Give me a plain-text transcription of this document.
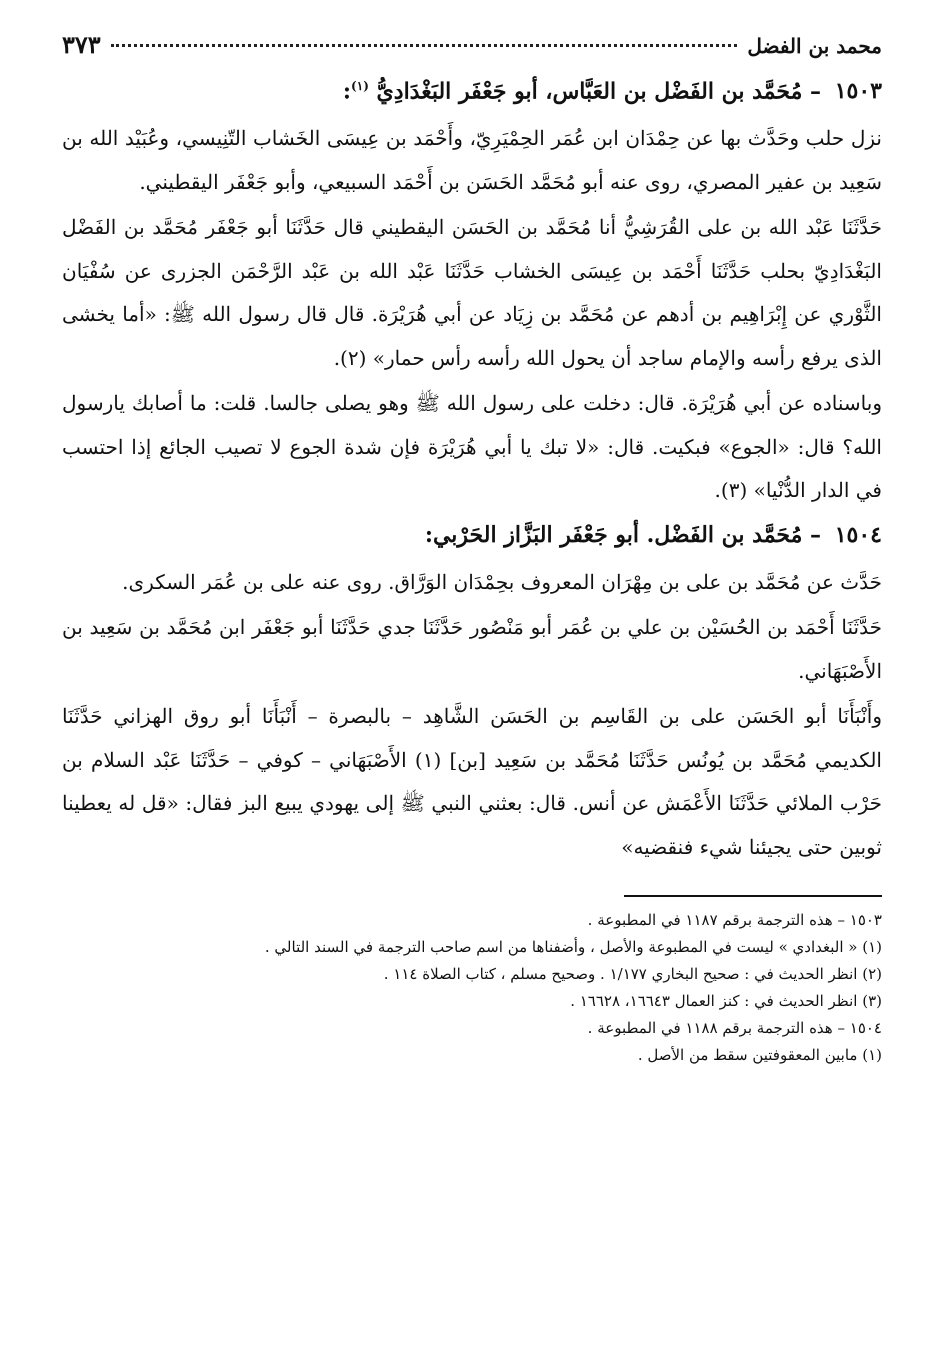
محمد بن الفضل
٣٧٣
١٥٠٣ – مُحَمَّد بن الفَضْل بن العَبَّاس، أبو جَعْفَر البَغْدَادِيُّ $^{(١)}$:

نزل حلب وحَدَّث بها عن حِمْدَان ابن عُمَر الحِمْيَرِيّ، وأَحْمَد بن عِيسَى الخَشاب التّنِيسي، وعُبَيْد الله بن سَعِيد بن عفير المصري، روى عنه أبو مُحَمَّد الحَسَن بن أَحْمَد السبيعي، وأبو جَعْفَر اليقطيني.

حَدَّثَنَا عَبْد الله بن على القُرَشِيُّ أنا مُحَمَّد بن الحَسَن اليقطيني قال حَدَّثَنَا أبو جَعْفَر مُحَمَّد بن الفَضْل البَغْدَادِيّ بحلب حَدَّثَنَا أَحْمَد بن عِيسَى الخشاب حَدَّثَنَا عَبْد الله بن عَبْد الرَّحْمَن الجزرى عن سُفْيَان الثَّوْري عن إِبْرَاهِيم بن أدهم عن مُحَمَّد بن زِيَاد عن أبي هُرَيْرَة. قال قال رسول الله ﷺ: «أما يخشى الذى يرفع رأسه والإمام ساجد أن يحول الله رأسه رأس حمار» (٢).

وباسناده عن أبي هُرَيْرَة. قال: دخلت على رسول الله ﷺ وهو يصلى جالسا. قلت: ما أصابك يارسول الله؟ قال: «الجوع» فبكيت. قال: «لا تبك يا أبي هُرَيْرَة فإن شدة الجوع لا تصيب الجائع إذا احتسب في الدار الدُّنْيا» (٣).

١٥٠٤ – مُحَمَّد بن الفَضْل. أبو جَعْفَر البَزَّاز الحَرْبي:

حَدَّث عن مُحَمَّد بن على بن مِهْرَان المعروف بحِمْدَان الوَرَّاق. روى عنه على بن عُمَر السكرى.

حَدَّثَنَا أَحْمَد بن الحُسَيْن بن علي بن عُمَر أبو مَنْصُور حَدَّثَنَا جدي حَدَّثَنَا أبو جَعْفَر ابن مُحَمَّد بن سَعِيد بن الأَصْبَهَاني.

وأَنْبَأَنَا أبو الحَسَن على بن القَاسِم بن الحَسَن الشَّاهِد – بالبصرة – أَنْبَأَنَا أبو روق الهزاني حَدَّثَنَا الكديمي مُحَمَّد بن يُونُس حَدَّثَنَا مُحَمَّد بن سَعِيد [بن] (١) الأَصْبَهَاني – كوفي – حَدَّثَنَا عَبْد السلام بن حَرْب الملائي حَدَّثَنَا الأَعْمَش عن أنس. قال: بعثني النبي ﷺ إلى يهودي يبيع البز فقال: «قل له يعطينا ثوبين حتى يجيئنا شيء فنقضيه»

١٥٠٣ – هذه الترجمة برقم ١١٨٧ في المطبوعة .

(١) « البغدادي » ليست في المطبوعة والأصل ، وأضفناها من اسم صاحب الترجمة في السند التالي .

(٢) انظر الحديث في : صحيح البخاري ١/١٧٧ . وصحيح مسلم ، كتاب الصلاة ١١٤ .

(٣) انظر الحديث في : كنز العمال ١٦٦٤٣، ١٦٦٢٨ .

١٥٠٤ – هذه الترجمة برقم ١١٨٨ في المطبوعة .

(١) مابين المعقوفتين سقط من الأصل .
